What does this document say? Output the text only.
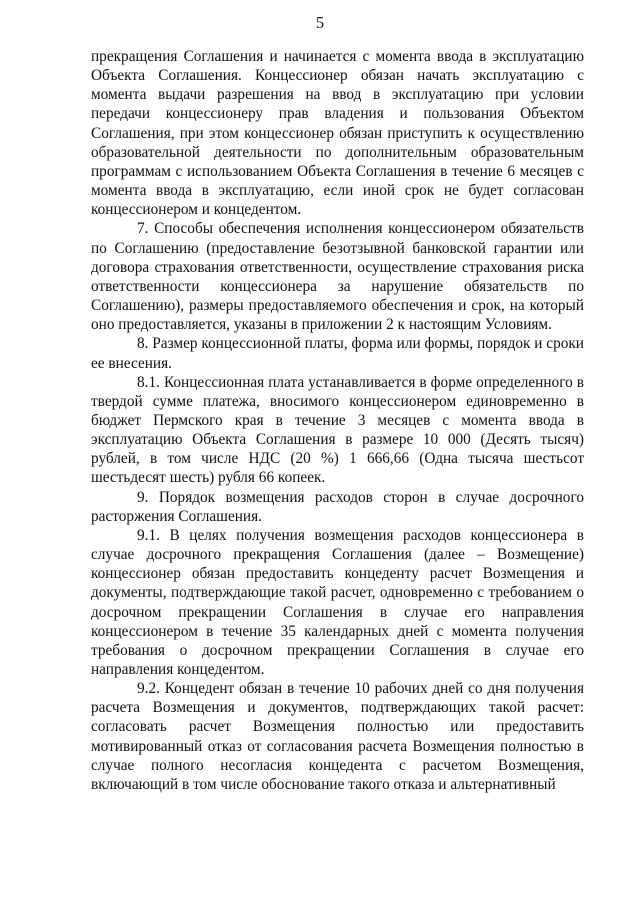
5

прекращения Соглашения и начинается с момента ввода в эксплуатацию Объекта Соглашения. Концессионер обязан начать эксплуатацию с момента выдачи разрешения на ввод в эксплуатацию при условии передачи концессионеру прав владения и пользования Объектом Соглашения, при этом концессионер обязан приступить к осуществлению образовательной деятельности по дополнительным образовательным программам с использованием Объекта Соглашения в течение 6 месяцев с момента ввода в эксплуатацию, если иной срок не будет согласован концессионером и концедентом.

7. Способы обеспечения исполнения концессионером обязательств по Соглашению (предоставление безотзывной банковской гарантии или договора страхования ответственности, осуществление страхования риска ответственности концессионера за нарушение обязательств по Соглашению), размеры предоставляемого обеспечения и срок, на который оно предоставляется, указаны в приложении 2 к настоящим Условиям.

8. Размер концессионной платы, форма или формы, порядок и сроки ее внесения.

8.1. Концессионная плата устанавливается в форме определенного в твердой сумме платежа, вносимого концессионером единовременно в бюджет Пермского края в течение 3 месяцев с момента ввода в эксплуатацию Объекта Соглашения в размере 10 000 (Десять тысяч) рублей, в том числе НДС (20 %) 1 666,66 (Одна тысяча шестьсот шестьдесят шесть) рубля 66 копеек.

9. Порядок возмещения расходов сторон в случае досрочного расторжения Соглашения.

9.1. В целях получения возмещения расходов концессионера в случае досрочного прекращения Соглашения (далее – Возмещение) концессионер обязан предоставить концеденту расчет Возмещения и документы, подтверждающие такой расчет, одновременно с требованием о досрочном прекращении Соглашения в случае его направления концессионером в течение 35 календарных дней с момента получения требования о досрочном прекращении Соглашения в случае его направления концедентом.

9.2. Концедент обязан в течение 10 рабочих дней со дня получения расчета Возмещения и документов, подтверждающих такой расчет: согласовать расчет Возмещения полностью или предоставить мотивированный отказ от согласования расчета Возмещения полностью в случае полного несогласия концедента с расчетом Возмещения, включающий в том числе обоснование такого отказа и альтернативный
